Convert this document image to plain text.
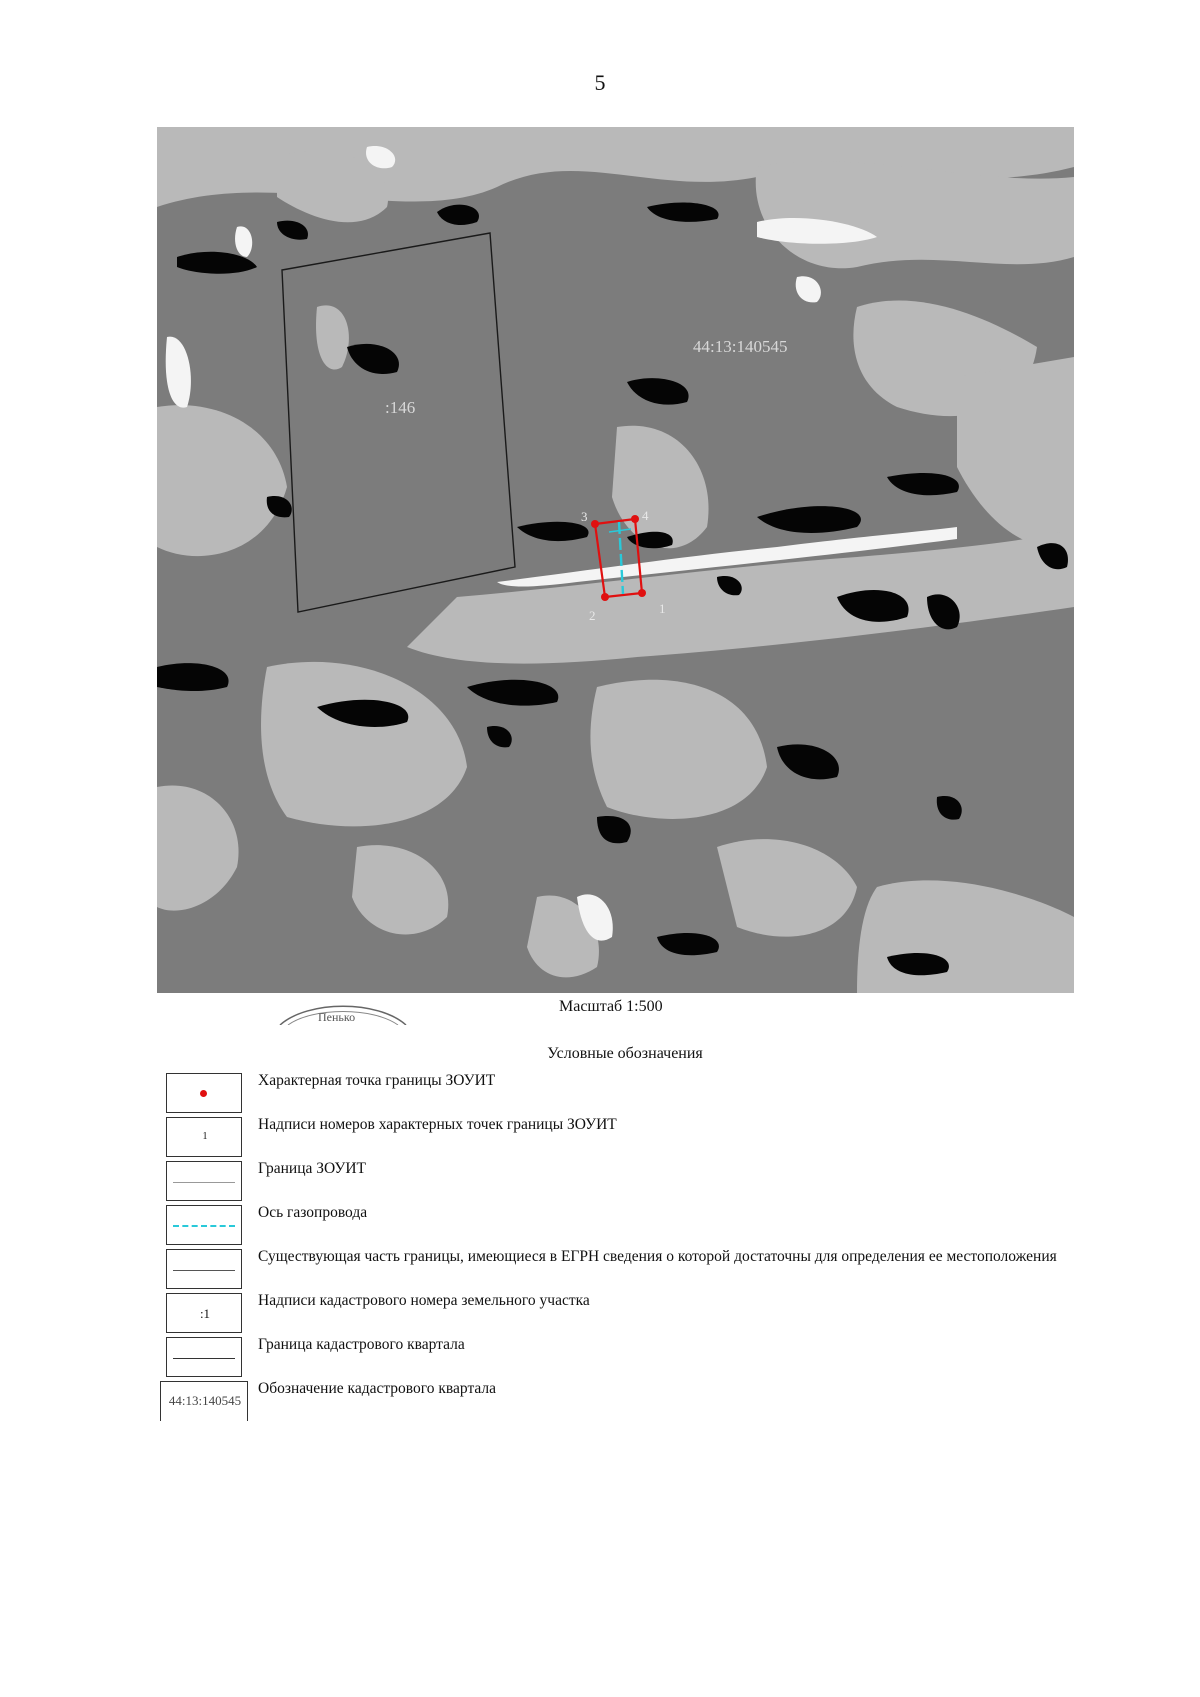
5
44:13:140545
:146
1
2
3	4
Пенько
Масштаб 1:500
Условные обозначения
Характерная точка границы ЗОУИТ
1
Надписи номеров характерных точек границы ЗОУИТ
Граница ЗОУИТ
Ось газопровода
Существующая часть границы, имеющиеся в ЕГРН сведения о которой достаточны для определения ее местоположения
:1
Надписи кадастрового номера земельного участка
Граница кадастрового квартала
44:13:140545
Обозначение кадастрового квартала
